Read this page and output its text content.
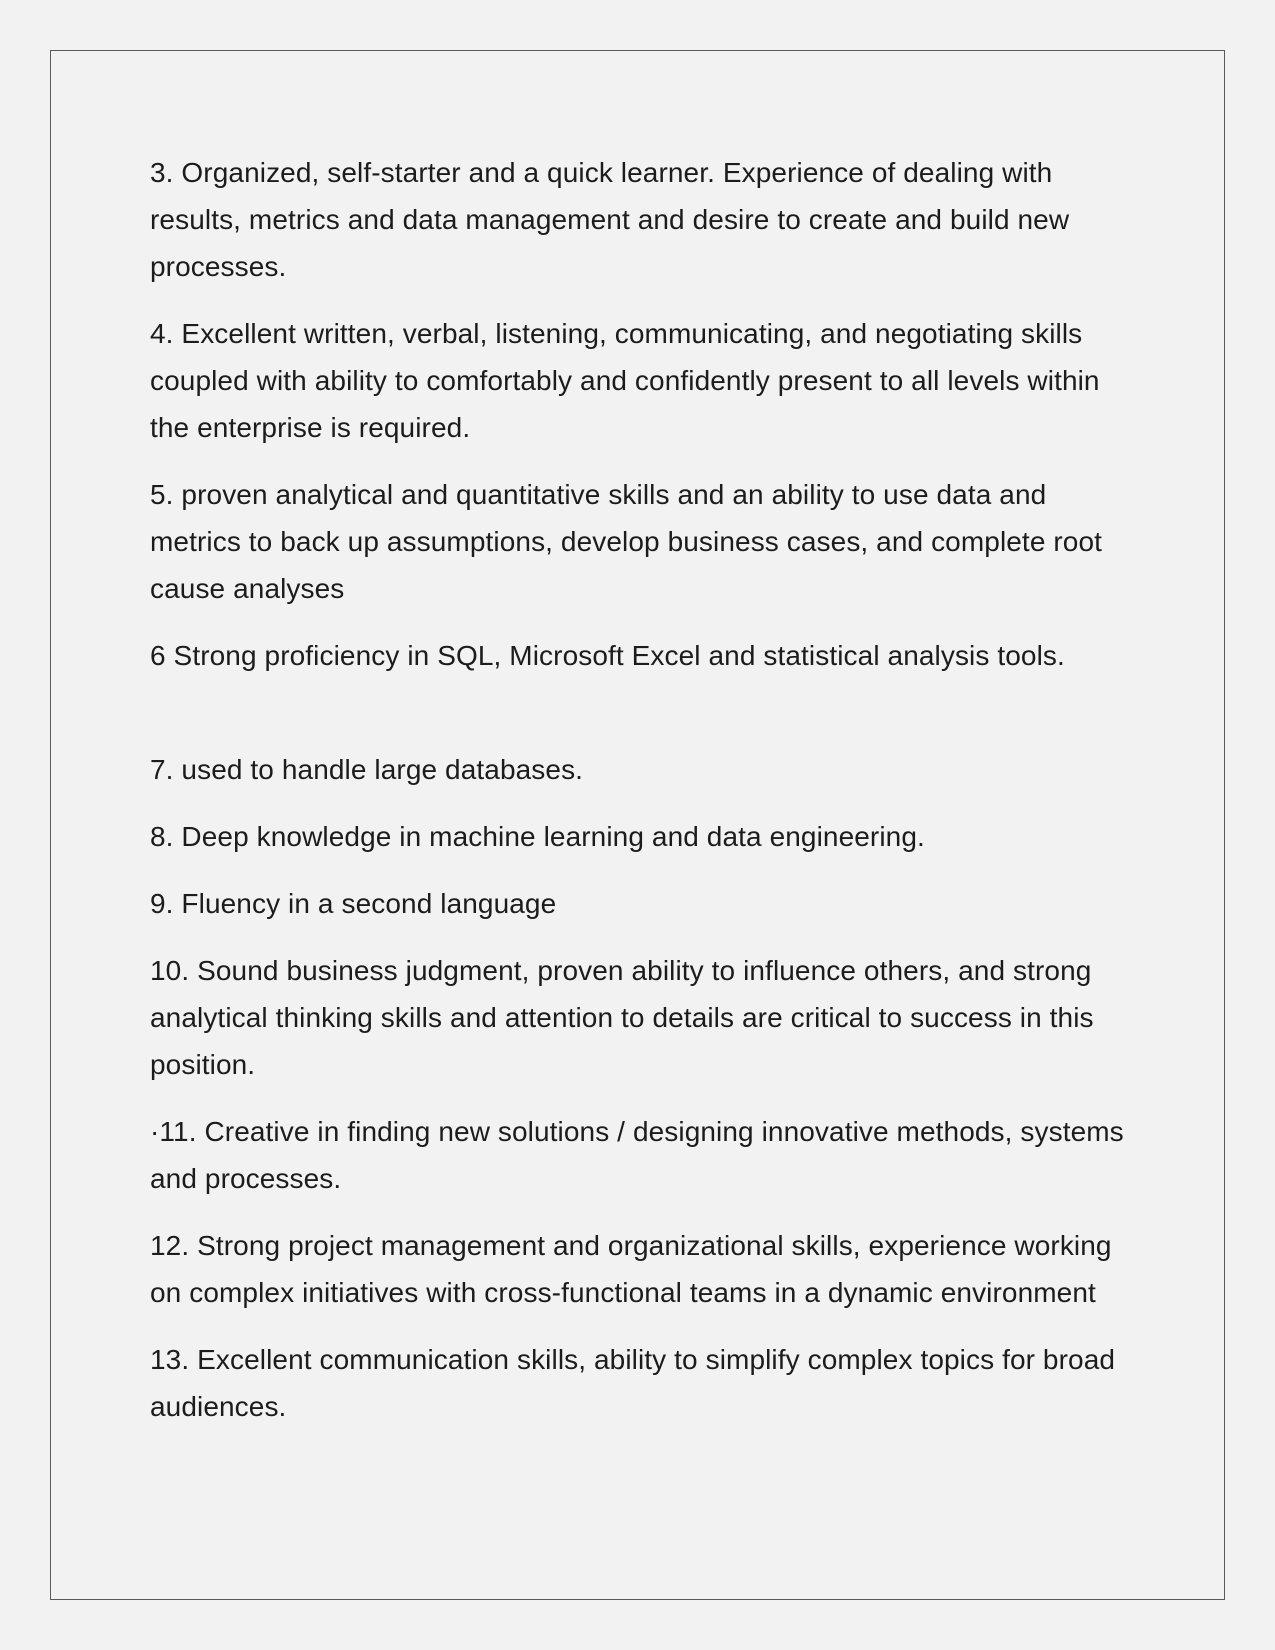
3. Organized, self-starter and a quick learner. Experience of dealing with results, metrics and data management and desire to create and build new processes.

4. Excellent written, verbal, listening, communicating, and negotiating skills coupled with ability to comfortably and confidently present to all levels within the enterprise is required.

5. proven analytical and quantitative skills and an ability to use data and metrics to back up assumptions, develop business cases, and complete root cause analyses

6 Strong proficiency in SQL, Microsoft Excel and statistical analysis tools.

7. used to handle large databases.

8. Deep knowledge in machine learning and data engineering.

9. Fluency in a second language

10. Sound business judgment, proven ability to influence others, and strong analytical thinking skills and attention to details are critical to success in this position.

·11. Creative in finding new solutions / designing innovative methods, systems and processes.

12. Strong project management and organizational skills, experience working on complex initiatives with cross-functional teams in a dynamic environment

13. Excellent communication skills, ability to simplify complex topics for broad audiences.
